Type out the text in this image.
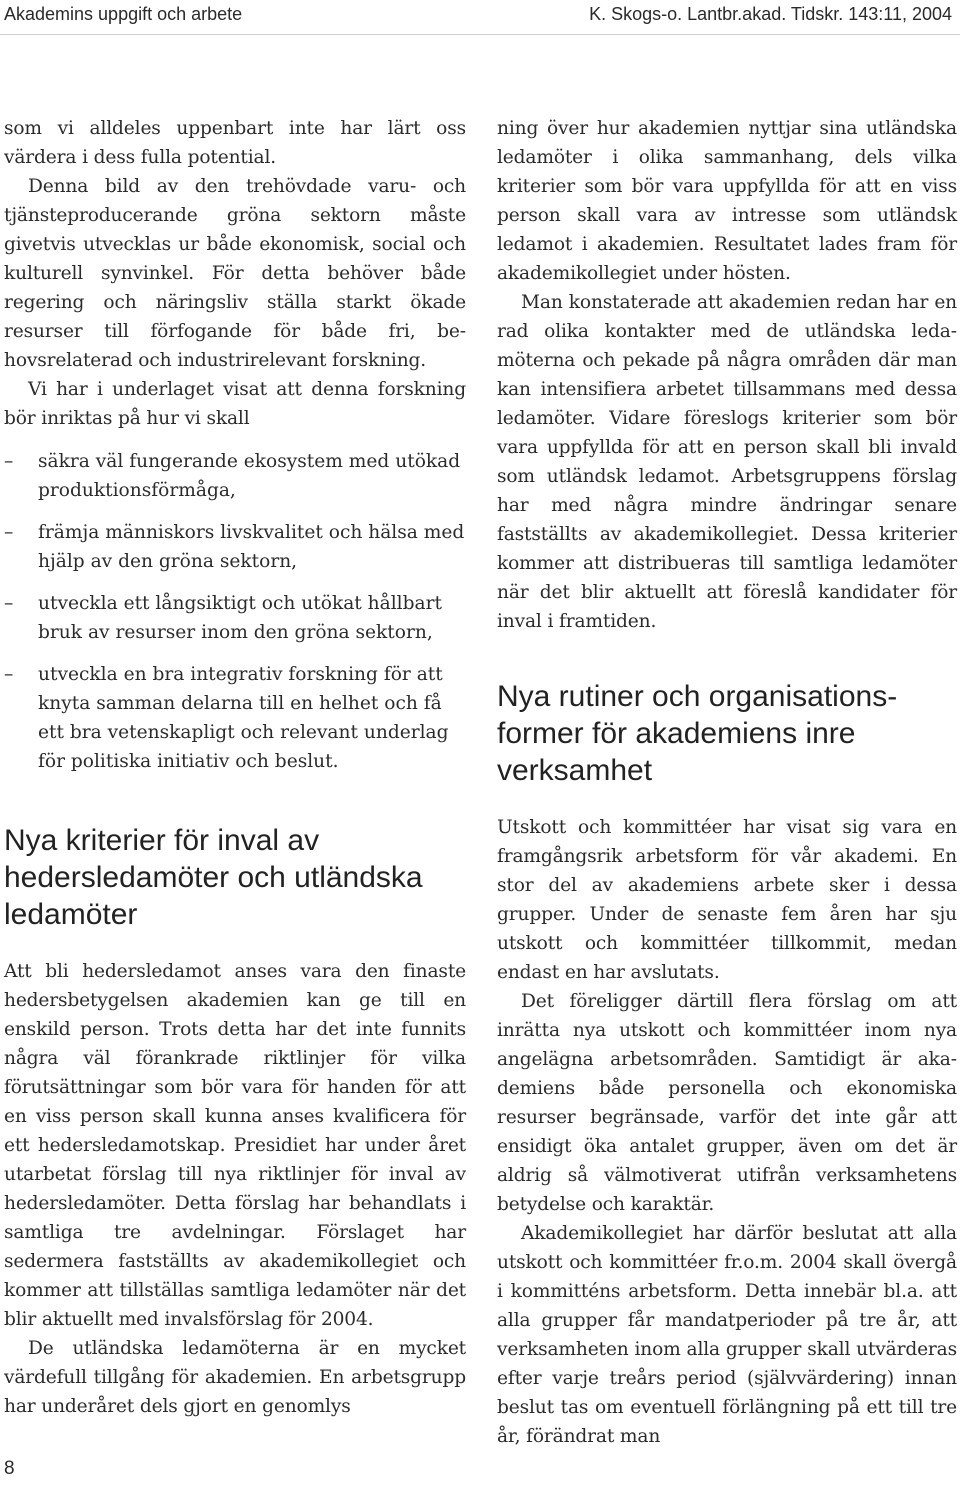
Akademins uppgift och arbete	K. Skogs-o. Lantbr.akad. Tidskr. 143:11, 2004

som vi alldeles uppenbart inte har lärt oss värdera i dess fulla potential.

Denna bild av den trehövdade varu- och tjänsteproducerande gröna sektorn måste givetvis utvecklas ur både ekonomisk, social och kulturell synvinkel. För detta behöver både regering och näringsliv ställa starkt ökade resurser till förfogande för både fri, behovsrelaterad och industrirelevant forskning.

Vi har i underlaget visat att denna forskning bör inriktas på hur vi skall

– säkra väl fungerande ekosystem med utökad produktionsförmåga,
– främja människors livskvalitet och hälsa med hjälp av den gröna sektorn,
– utveckla ett långsiktigt och utökat hållbart bruk av resurser inom den gröna sektorn,
– utveckla en bra integrativ forskning för att knyta samman delarna till en helhet och få ett bra vetenskapligt och relevant underlag för politiska initiativ och beslut.
Nya kriterier för inval av hedersledamöter och utländska ledamöter

Att bli hedersledamot anses vara den finaste hedersbetygelsen akademien kan ge till en enskild person. Trots detta har det inte funnits några väl förankrade riktlinjer för vilka förutsättningar som bör vara för handen för att en viss person skall kunna anses kvalificera för ett hedersledamotskap. Presidiet har under året utarbetat förslag till nya riktlinjer för inval av hedersledamöter. Detta förslag har behandlats i samtliga tre avdelningar. Förslaget har sedermera fastställts av akademikollegiet och kommer att tillställas samtliga ledamöter när det blir aktuellt med invalsförslag för 2004.

De utländska ledamöterna är en mycket värdefull tillgång för akademien. En arbetsgrupp har underåret dels gjort en genomlys

ning över hur akademien nyttjar sina utländska ledamöter i olika sammanhang, dels vilka kriterier som bör vara uppfyllda för att en viss person skall vara av intresse som utländsk ledamot i akademien. Resultatet lades fram för akademikollegiet under hösten.

Man konstaterade att akademien redan har en rad olika kontakter med de utländska ledamöterna och pekade på några områden där man kan intensifiera arbetet tillsammans med dessa ledamöter. Vidare föreslogs kriterier som bör vara uppfyllda för att en person skall bli invald som utländsk ledamot. Arbetsgruppens förslag har med några mindre ändringar senare fastställts av akademikollegiet. Dessa kriterier kommer att distribueras till samtliga ledamöter när det blir aktuellt att föreslå kandidater för inval i framtiden.

Nya rutiner och organisationsformer för akademiens inre verksamhet

Utskott och kommittéer har visat sig vara en framgångsrik arbetsform för vår akademi. En stor del av akademiens arbete sker i dessa grupper. Under de senaste fem åren har sju utskott och kommittéer tillkommit, medan endast en har avslutats.

Det föreligger därtill flera förslag om att inrätta nya utskott och kommittéer inom nya angelägna arbetsområden. Samtidigt är akademiens både personella och ekonomiska resurser begränsade, varför det inte går att ensidigt öka antalet grupper, även om det är aldrig så välmotiverat utifrån verksamhetens betydelse och karaktär.

Akademikollegiet har därför beslutat att alla utskott och kommittéer fr.o.m. 2004 skall övergå i kommitténs arbetsform. Detta innebär bl.a. att alla grupper får mandatperioder på tre år, att verksamheten inom alla grupper skall utvärderas efter varje treårs period (självvärdering) innan beslut tas om eventuell förlängning på ett till tre år, förändrat man

8
